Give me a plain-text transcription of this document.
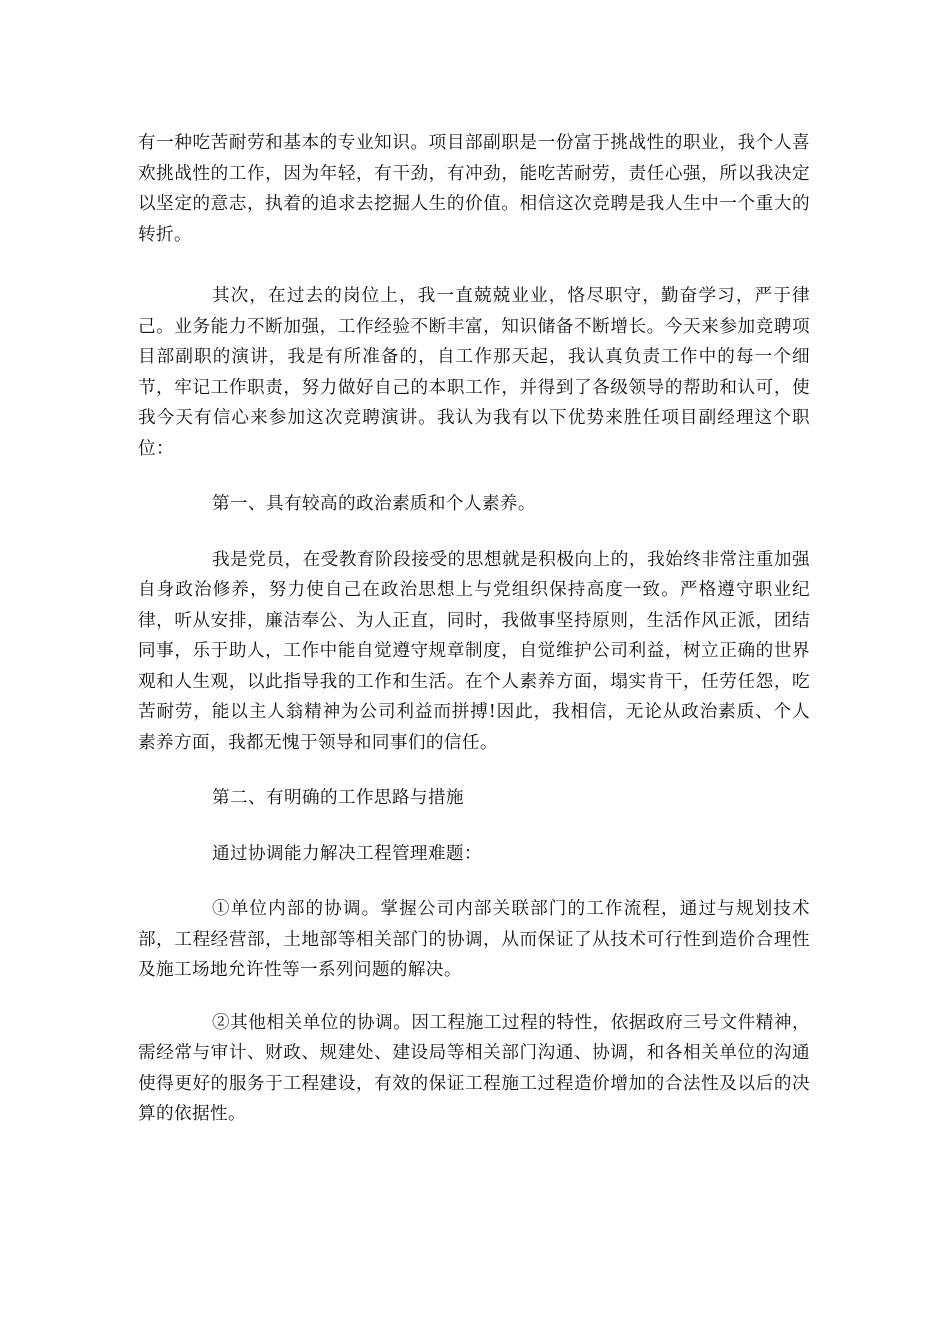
有一种吃苦耐劳和基本的专业知识。项目部副职是一份富于挑战性的职业，我个人喜欢挑战性的工作，因为年轻，有干劲，有冲劲，能吃苦耐劳，责任心强，所以我决定以坚定的意志，执着的追求去挖掘人生的价值。相信这次竞聘是我人生中一个重大的转折。

其次，在过去的岗位上，我一直兢兢业业，恪尽职守，勤奋学习，严于律己。业务能力不断加强，工作经验不断丰富，知识储备不断增长。今天来参加竞聘项目部副职的演讲，我是有所准备的，自工作那天起，我认真负责工作中的每一个细节，牢记工作职责，努力做好自己的本职工作，并得到了各级领导的帮助和认可，使我今天有信心来参加这次竞聘演讲。我认为我有以下优势来胜任项目副经理这个职位：

第一、具有较高的政治素质和个人素养。

我是党员，在受教育阶段接受的思想就是积极向上的，我始终非常注重加强自身政治修养，努力使自己在政治思想上与党组织保持高度一致。严格遵守职业纪律，听从安排，廉洁奉公、为人正直，同时，我做事坚持原则，生活作风正派，团结同事，乐于助人，工作中能自觉遵守规章制度，自觉维护公司利益，树立正确的世界观和人生观，以此指导我的工作和生活。在个人素养方面，塌实肯干，任劳任怨，吃苦耐劳，能以主人翁精神为公司利益而拼搏!因此，我相信，无论从政治素质、个人素养方面，我都无愧于领导和同事们的信任。

第二、有明确的工作思路与措施

通过协调能力解决工程管理难题：

①单位内部的协调。掌握公司内部关联部门的工作流程，通过与规划技术部，工程经营部，土地部等相关部门的协调，从而保证了从技术可行性到造价合理性及施工场地允许性等一系列问题的解决。

②其他相关单位的协调。因工程施工过程的特性，依据政府三号文件精神，需经常与审计、财政、规建处、建设局等相关部门沟通、协调，和各相关单位的沟通使得更好的服务于工程建设，有效的保证工程施工过程造价增加的合法性及以后的决算的依据性。
